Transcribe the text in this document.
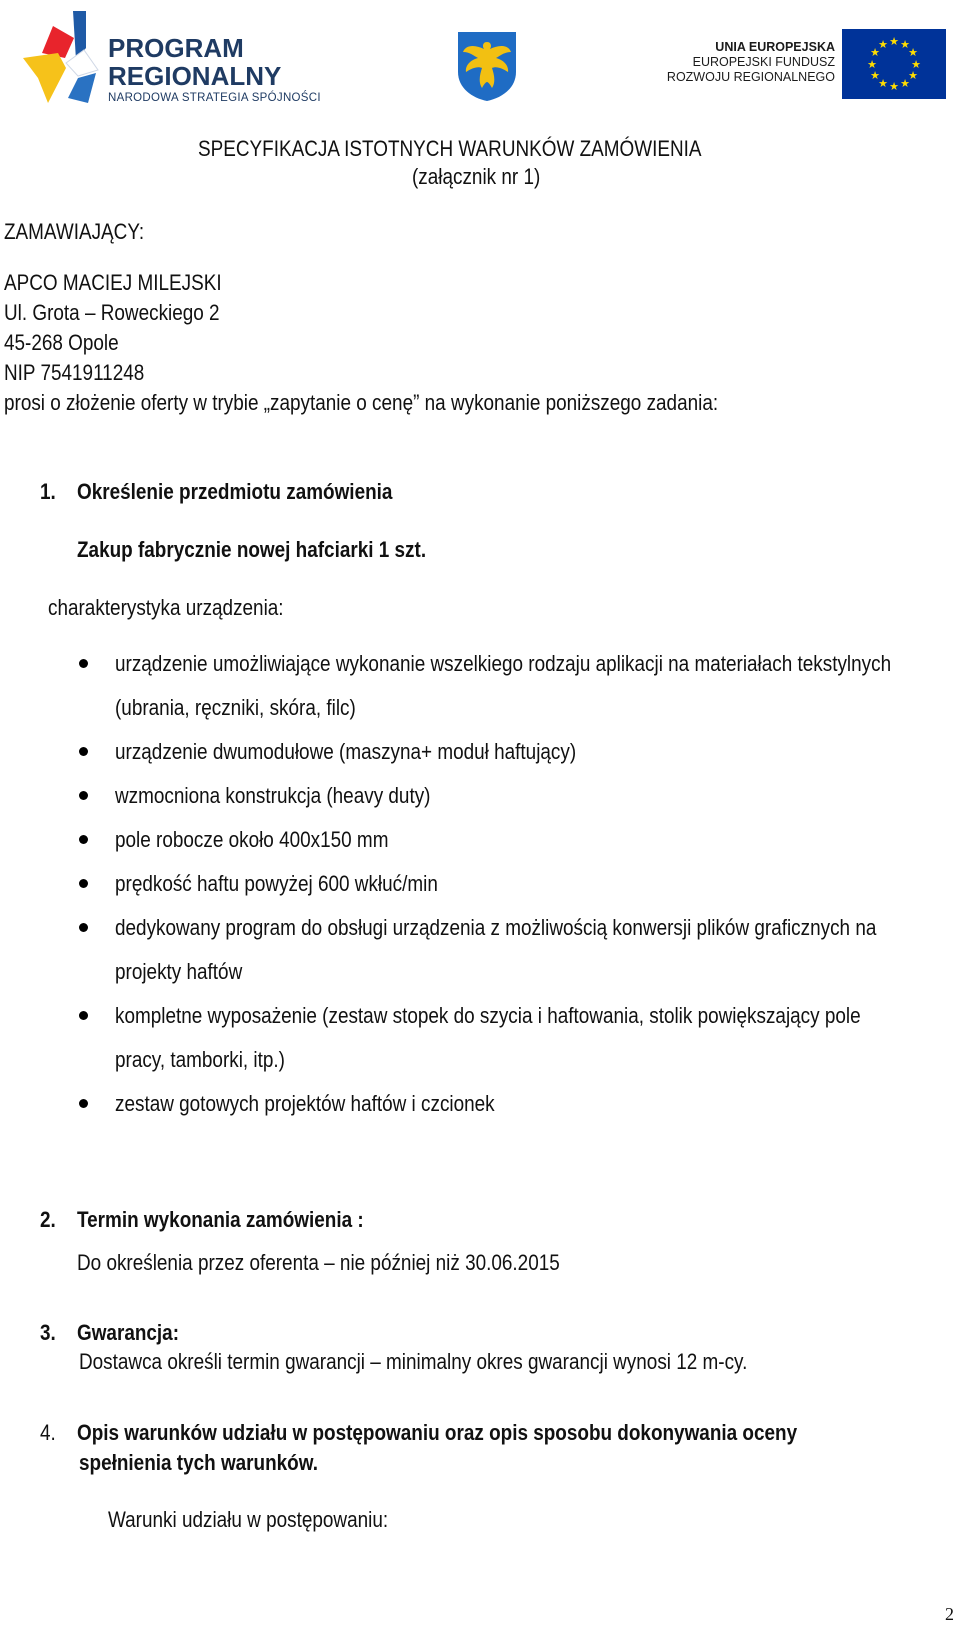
PROGRAM
REGIONALNY
NARODOWA STRATEGIA SPÓJNOŚCI
UNIA EUROPEJSKA
EUROPEJSKI FUNDUSZ
ROZWOJU REGIONALNEGO
★ ★
★
★
★
★
★
★
★
★
★
★
SPECYFIKACJA ISTOTNYCH WARUNKÓW ZAMÓWIENIA
(załącznik nr 1)
ZAMAWIAJĄCY:
APCO MACIEJ MILEJSKI
Ul. Grota – Roweckiego 2
45-268 Opole
NIP 7541911248
prosi o złożenie oferty w trybie „zapytanie o cenę” na wykonanie poniższego zadania:
1. Określenie przedmiotu zamówienia
Zakup fabrycznie nowej hafciarki 1 szt.
charakterystyka urządzenia:
urządzenie umożliwiające wykonanie wszelkiego rodzaju aplikacji na materiałach tekstylnych
(ubrania, ręczniki, skóra, filc)
urządzenie dwumodułowe (maszyna+ moduł haftujący)
wzmocniona konstrukcja (heavy duty)
pole robocze około 400x150 mm
prędkość haftu powyżej 600 wkłuć/min
dedykowany program do obsługi urządzenia z możliwością konwersji plików graficznych na
projekty haftów
kompletne wyposażenie (zestaw stopek do szycia i haftowania, stolik powiększający pole
pracy, tamborki, itp.)
zestaw gotowych projektów haftów i czcionek
2. Termin wykonania zamówienia :
Do określenia przez oferenta – nie później niż 30.06.2015
3. Gwarancja:
Dostawca określi termin gwarancji – minimalny okres gwarancji wynosi 12 m-cy.
4. Opis warunków udziału w postępowaniu oraz opis sposobu dokonywania oceny
spełnienia tych warunków.
Warunki udziału w postępowaniu:
2
